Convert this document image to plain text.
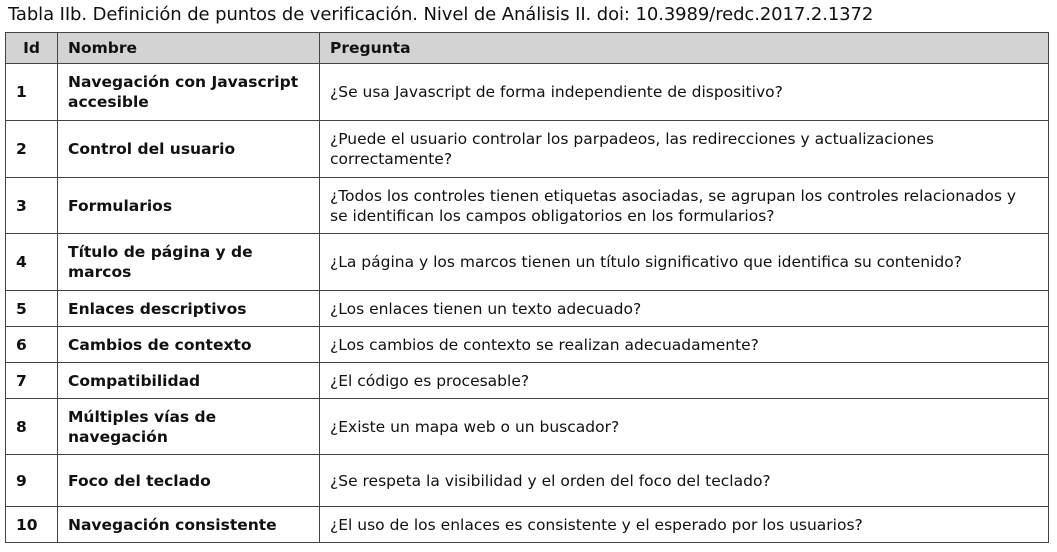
Tabla IIb. Definición de puntos de verificación. Nivel de Análisis II. doi: 10.3989/redc.2017.2.1372
Id	Nombre	Pregunta
1	Navegación con Javascript accesible	¿Se usa Javascript de forma independiente de dispositivo?
2	Control del usuario	¿Puede el usuario controlar los parpadeos, las redirecciones y actualizaciones correctamente?
3	Formularios	¿Todos los controles tienen etiquetas asociadas, se agrupan los controles relacionados y se identifican los campos obligatorios en los formularios?
4	Título de página y de marcos	¿La página y los marcos tienen un título significativo que identifica su contenido?
5	Enlaces descriptivos	¿Los enlaces tienen un texto adecuado?
6	Cambios de contexto	¿Los cambios de contexto se realizan adecuadamente?
7	Compatibilidad	¿El código es procesable?
8	Múltiples vías de navegación	¿Existe un mapa web o un buscador?
9	Foco del teclado	¿Se respeta la visibilidad y el orden del foco del teclado?
10	Navegación consistente	¿El uso de los enlaces es consistente y el esperado por los usuarios?
